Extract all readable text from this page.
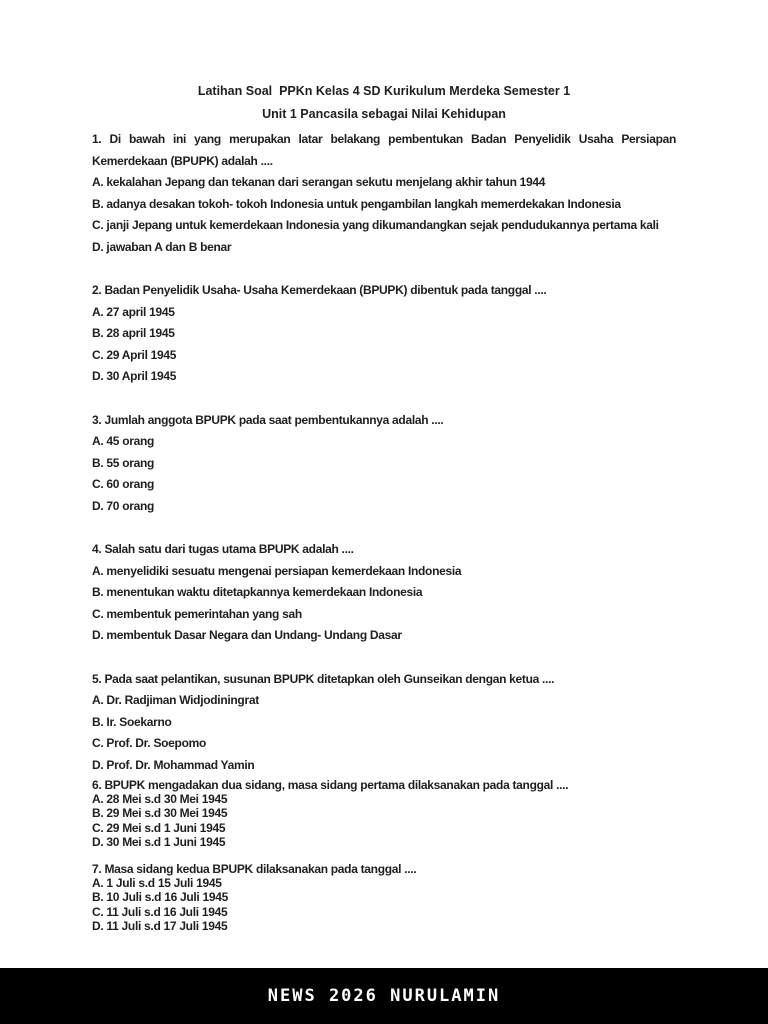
Latihan Soal  PPKn Kelas 4 SD Kurikulum Merdeka Semester 1

Unit 1 Pancasila sebagai Nilai Kehidupan

1. Di bawah ini yang merupakan latar belakang pembentukan Badan Penyelidik Usaha Persiapan Kemerdekaan (BPUPK) adalah ....

A. kekalahan Jepang dan tekanan dari serangan sekutu menjelang akhir tahun 1944

B. adanya desakan tokoh- tokoh Indonesia untuk pengambilan langkah memerdekakan Indonesia

C. janji Jepang untuk kemerdekaan Indonesia yang dikumandangkan sejak pendudukannya pertama kali

D. jawaban A dan B benar

2. Badan Penyelidik Usaha- Usaha Kemerdekaan (BPUPK) dibentuk pada tanggal ....

A. 27 april 1945

B. 28 april 1945

C. 29 April 1945

D. 30 April 1945

3. Jumlah anggota BPUPK pada saat pembentukannya adalah ....

A. 45 orang

B. 55 orang

C. 60 orang

D. 70 orang

4. Salah satu dari tugas utama BPUPK adalah ....

A. menyelidiki sesuatu mengenai persiapan kemerdekaan Indonesia

B. menentukan waktu ditetapkannya kemerdekaan Indonesia

C. membentuk pemerintahan yang sah

D. membentuk Dasar Negara dan Undang- Undang Dasar

5. Pada saat pelantikan, susunan BPUPK ditetapkan oleh Gunseikan dengan ketua ....

A. Dr. Radjiman Widjodiningrat

B. Ir. Soekarno

C. Prof. Dr. Soepomo

D. Prof. Dr. Mohammad Yamin

6. BPUPK mengadakan dua sidang, masa sidang pertama dilaksanakan pada tanggal ....

A. 28 Mei s.d 30 Mei 1945

B. 29 Mei s.d 30 Mei 1945

C. 29 Mei s.d 1 Juni 1945

D. 30 Mei s.d 1 Juni 1945

7. Masa sidang kedua BPUPK dilaksanakan pada tanggal ....

A. 1 Juli s.d 15 Juli 1945

B. 10 Juli s.d 16 Juli 1945

C. 11 Juli s.d 16 Juli 1945

D. 11 Juli s.d 17 Juli 1945

NEWS 2026 NURULAMIN
